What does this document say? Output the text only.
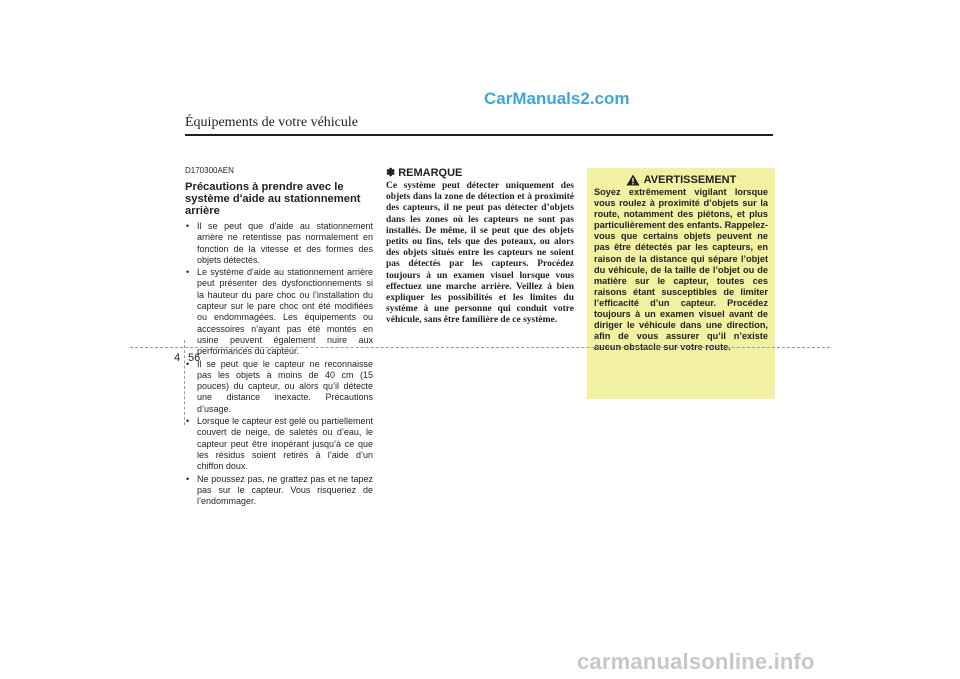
CarManuals2.com
Équipements de votre véhicule
D170300AEN
Précautions à prendre avec le système d'aide au stationnement arrière
• Il se peut que d'aide au stationnement arrière ne retentisse pas normalement en fonction de la vitesse et des formes des objets détectés.
• Le système d'aide au stationnement arrière peut présenter des dysfonctionnements si la hauteur du pare choc ou l’installation du capteur sur le pare choc ont été modifiées ou endommagées. Les équipements ou accessoires n’ayant pas été montés en usine peuvent également nuire aux performances du capteur.
• Il se peut que le capteur ne reconnaisse pas les objets à moins de 40 cm (15 pouces) du capteur, ou alors qu’il détecte une distance inexacte. Précautions d’usage.
• Lorsque le capteur est gelé ou partiellement couvert de neige, de saletés ou d’eau, le capteur peut être inopérant jusqu’à ce que les résidus soient retirés à l’aide d’un chiffon doux.
• Ne poussez pas, ne grattez pas et ne tapez pas sur le capteur. Vous risqueriez de l’endommager.
✽ REMARQUE

Ce système peut détecter uniquement des objets dans la zone de détection et à proximité des capteurs, il ne peut pas détecter d’objets dans les zones où les capteurs ne sont pas installés. De même, il se peut que des objets petits ou fins, tels que des poteaux, ou alors des objets situés entre les capteurs ne soient pas détectés par les capteurs. Procédez toujours à un examen visuel lorsque vous effectuez une marche arrière. Veillez à bien expliquer les possibilités et les limites du système à une personne qui conduit votre véhicule, sans être familière de ce système.

AVERTISSEMENT

Soyez extrêmement vigilant lorsque vous roulez à proximité d’objets sur la route, notamment des piétons, et plus particulièrement des enfants. Rappelez-vous que certains objets peuvent ne pas être détectés par les capteurs, en raison de la distance qui sépare l’objet du véhicule, de la taille de l’objet ou de matière sur le capteur, toutes ces raisons étant susceptibles de limiter l’efficacité d’un capteur. Procédez toujours à un examen visuel avant de diriger le véhicule dans une direction, afin de vous assurer qu’il n’existe aucun obstacle sur votre route.

4 56
carmanualsonline.info
